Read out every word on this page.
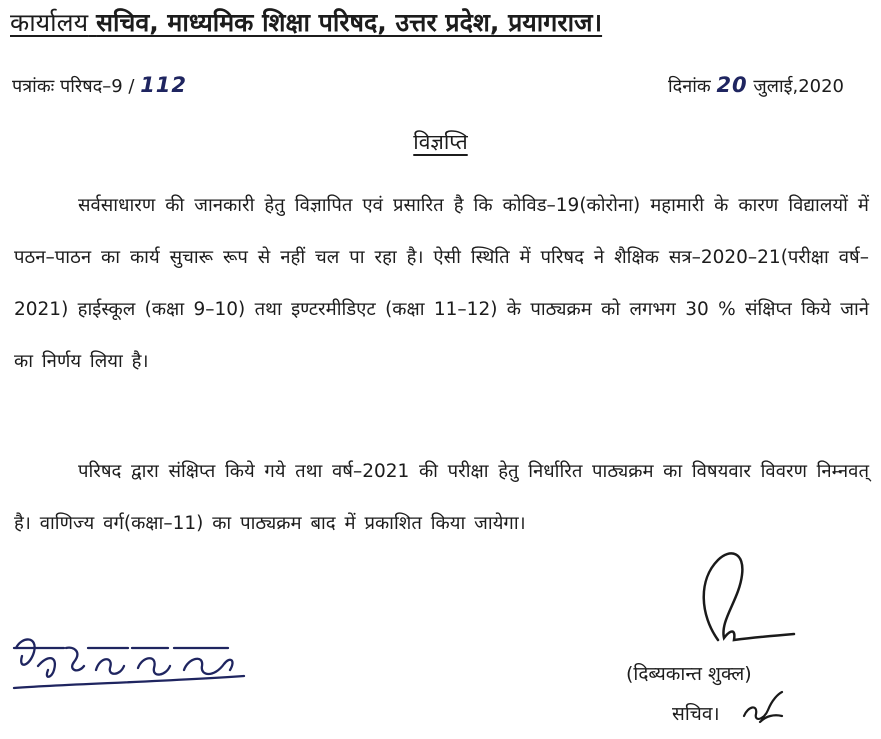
कार्यालय सचिव, माध्यमिक शिक्षा परिषद, उत्तर प्रदेश, प्रयागराज।
पत्रांकः परिषद–9 / 112	दिनांक 20 जुलाई,2020
विज्ञप्ति
सर्वसाधारण की जानकारी हेतु विज्ञापित एवं प्रसारित है कि कोविड–19(कोरोना) महामारी के कारण विद्यालयों में पठन–पाठन का कार्य सुचारू रूप से नहीं चल पा रहा है। ऐसी स्थिति में परिषद ने शैक्षिक सत्र–2020–21(परीक्षा वर्ष–2021) हाईस्कूल (कक्षा 9–10) तथा इण्टरमीडिएट (कक्षा 11–12) के पाठ्यक्रम को लगभग 30 % संक्षिप्त किये जाने का निर्णय लिया है।
परिषद द्वारा संक्षिप्त किये गये तथा वर्ष–2021 की परीक्षा हेतु निर्धारित पाठ्यक्रम का विषयवार विवरण निम्नवत् है। वाणिज्य वर्ग(कक्षा–11) का पाठ्यक्रम बाद में प्रकाशित किया जायेगा।
(दिब्यकान्त शुक्ल)
सचिव।
